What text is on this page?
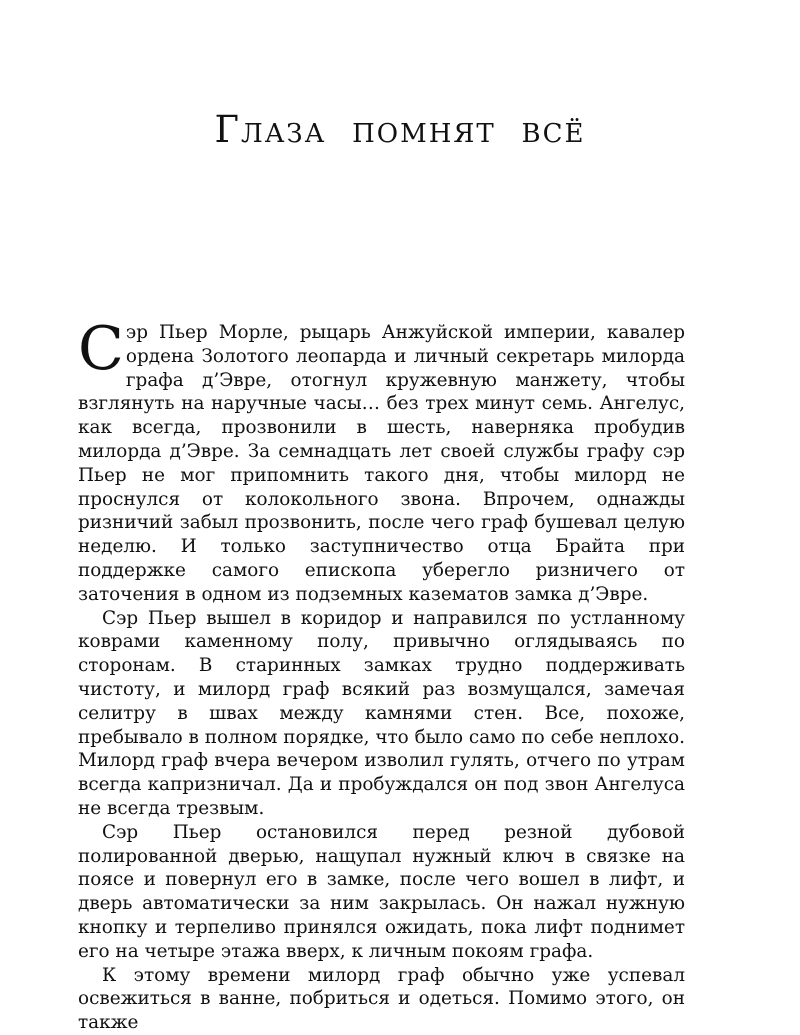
Глаза помнят всё

Сэр Пьер Морле, рыцарь Анжуйской империи, кавалер ордена Золотого леопарда и личный секретарь милорда графа д’Эвре, отогнул кружевную манжету, чтобы взглянуть на наручные часы… без трех минут семь. Ангелус, как всегда, прозвонили в шесть, наверняка пробудив милорда д’Эвре. За семнадцать лет своей службы графу сэр Пьер не мог припомнить такого дня, чтобы милорд не проснулся от колокольного звона. Впрочем, однажды ризничий забыл прозвонить, после чего граф бушевал целую неделю. И только заступничество отца Брайта при поддержке самого епископа уберегло ризничего от заточения в одном из подземных казематов замка д’Эвре.

Сэр Пьер вышел в коридор и направился по устланному коврами каменному полу, привычно оглядываясь по сторонам. В старинных замках трудно поддерживать чистоту, и милорд граф всякий раз возмущался, замечая селитру в швах между камнями стен. Все, похоже, пребывало в полном порядке, что было само по себе неплохо. Милорд граф вчера вечером изволил гулять, отчего по утрам всегда капризничал. Да и пробуждался он под звон Ангелуса не всегда трезвым.

Сэр Пьер остановился перед резной дубовой полированной дверью, нащупал нужный ключ в связке на поясе и повернул его в замке, после чего вошел в лифт, и дверь автоматически за ним закрылась. Он нажал нужную кнопку и терпеливо принялся ожидать, пока лифт поднимет его на четыре этажа вверх, к личным покоям графа.

К этому времени милорд граф обычно уже успевал освежиться в ванне, побриться и одеться. Помимо этого, он также
